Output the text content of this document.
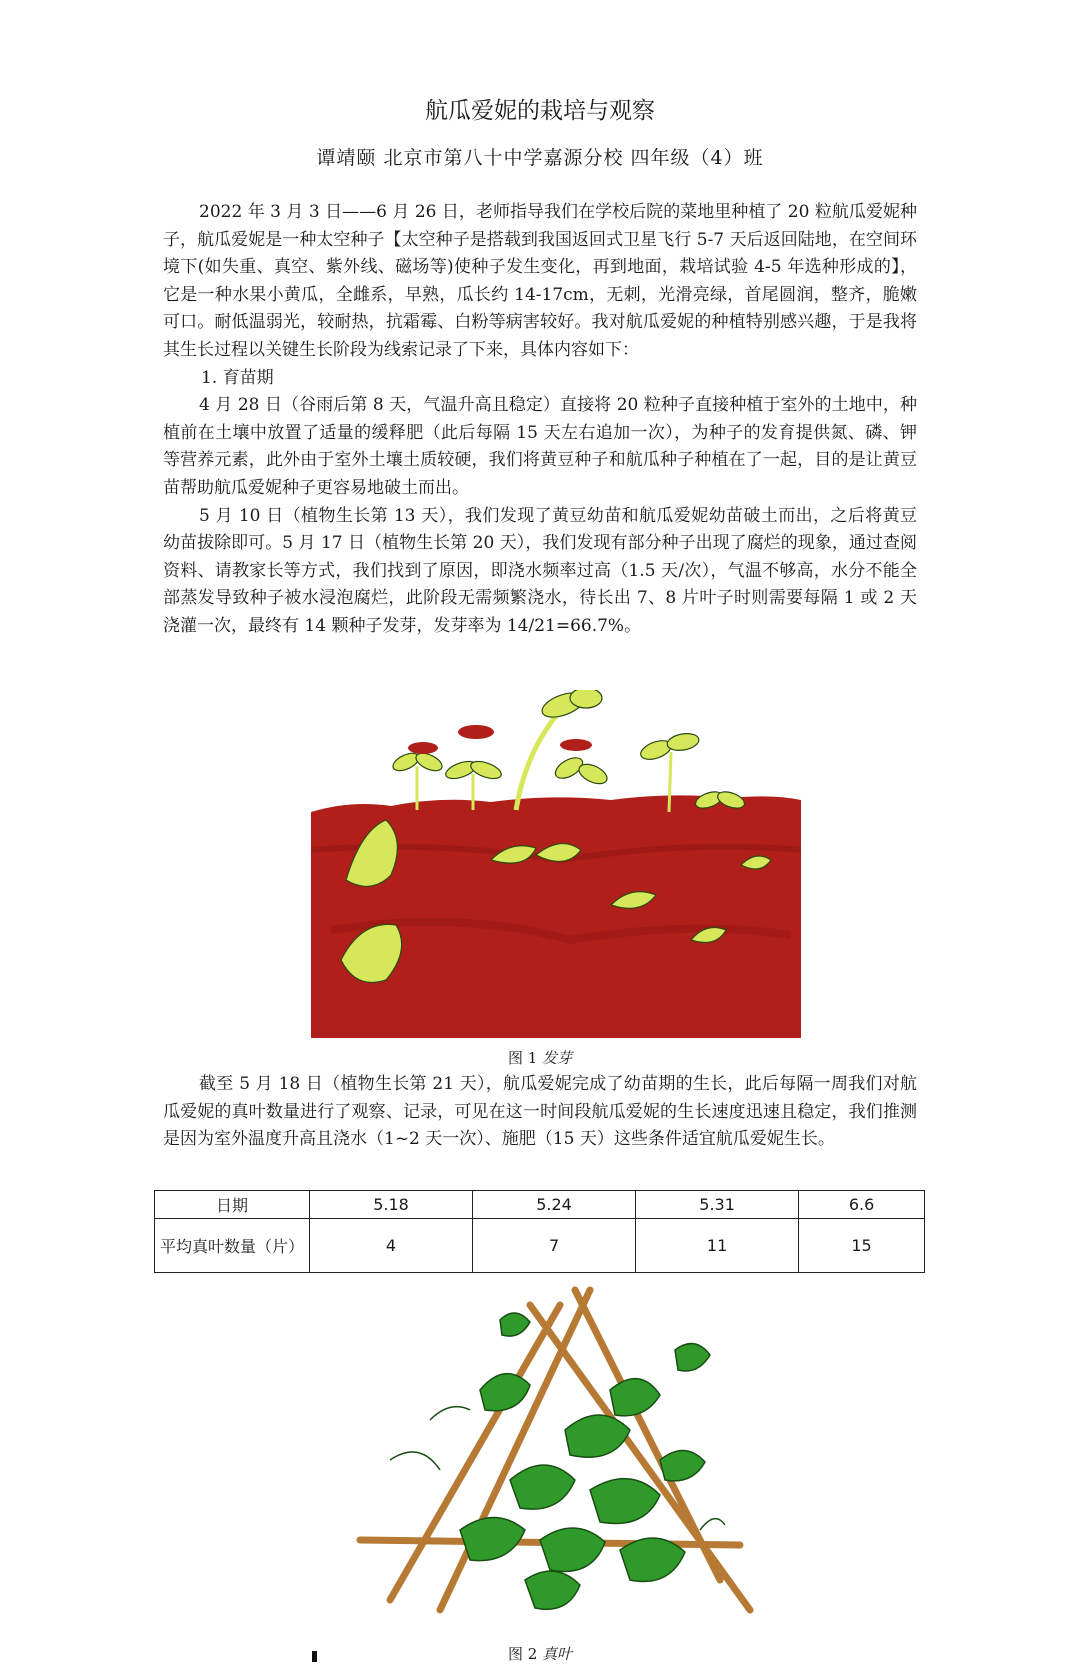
航瓜爱妮的栽培与观察
谭靖颐 北京市第八十中学嘉源分校 四年级（4）班

2022 年 3 月 3 日——6 月 26 日，老师指导我们在学校后院的菜地里种植了 20 粒航瓜爱妮种子，航瓜爱妮是一种太空种子【太空种子是搭载到我国返回式卫星飞行 5-7 天后返回陆地，在空间环境下(如失重、真空、紫外线、磁场等)使种子发生变化，再到地面，栽培试验 4-5 年选种形成的】，它是一种水果小黄瓜，全雌系，早熟，瓜长约 14-17cm，无刺，光滑亮绿，首尾圆润，整齐，脆嫩可口。耐低温弱光，较耐热，抗霜霉、白粉等病害较好。我对航瓜爱妮的种植特别感兴趣，于是我将其生长过程以关键生长阶段为线索记录了下来，具体内容如下：

1. 育苗期

4 月 28 日（谷雨后第 8 天，气温升高且稳定）直接将 20 粒种子直接种植于室外的土地中，种植前在土壤中放置了适量的缓释肥（此后每隔 15 天左右追加一次），为种子的发育提供氮、磷、钾等营养元素，此外由于室外土壤土质较硬，我们将黄豆种子和航瓜种子种植在了一起，目的是让黄豆苗帮助航瓜爱妮种子更容易地破土而出。

5 月 10 日（植物生长第 13 天），我们发现了黄豆幼苗和航瓜爱妮幼苗破土而出，之后将黄豆幼苗拔除即可。5 月 17 日（植物生长第 20 天），我们发现有部分种子出现了腐烂的现象，通过查阅资料、请教家长等方式，我们找到了原因，即浇水频率过高（1.5 天/次），气温不够高，水分不能全部蒸发导致种子被水浸泡腐烂，此阶段无需频繁浇水，待长出 7、8 片叶子时则需要每隔 1 或 2 天浇灌一次，最终有 14 颗种子发芽，发芽率为 14/21=66.7%。

图 1 发芽

截至 5 月 18 日（植物生长第 21 天），航瓜爱妮完成了幼苗期的生长，此后每隔一周我们对航瓜爱妮的真叶数量进行了观察、记录，可见在这一时间段航瓜爱妮的生长速度迅速且稳定，我们推测是因为室外温度升高且浇水（1~2 天一次）、施肥（15 天）这些条件适宜航瓜爱妮生长。

日期	5.18	5.24	5.31	6.6
平均真叶数量（片）	4	7	11	15
图 2 真叶
